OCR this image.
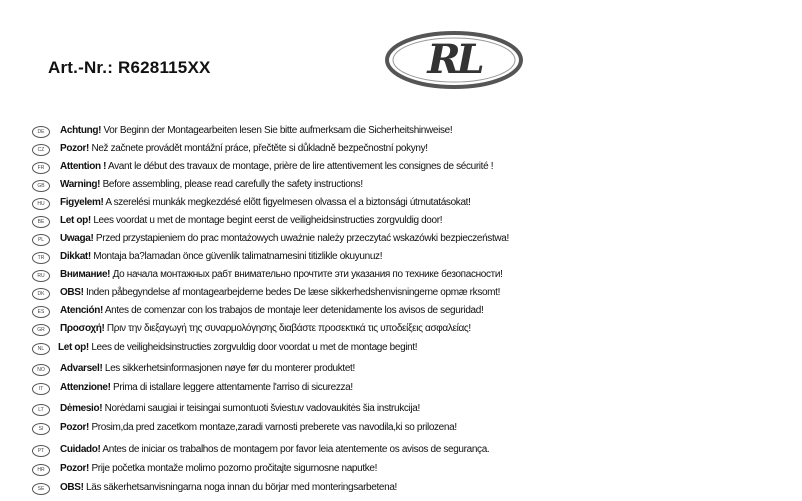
Art.-Nr.: R628115XX	RL
DE	Achtung! Vor Beginn der Montagearbeiten lesen Sie bitte aufmerksam die Sicherheitshinweise!
CZ	Pozor! Než začnete provádět montážní práce, přečtěte si důkladně bezpečnostní pokyny!
FR	Attention ! Avant le début des travaux de montage, prière de lire attentivement les consignes de sécurité !
GB	Warning! Before assembling, please read carefully the safety instructions!
HU	Figyelem! A szerelési munkák megkezdésé elõtt figyelmesen olvassa el a biztonsági útmutatásokat!
BE	Let op! Lees voordat u met de montage begint eerst de veiligheidsinstructies zorgvuldig door!
PL	Uwaga! Przed przystapieniem do prac montażowych uważnie należy przeczytać wskazówki bezpieczeństwa!
TR	Dikkat! Montaja ba?lamadan önce güvenlik talimatnamesini titizlikle okuyunuz!
RU	Внимание! До начала монтажных рабт внимательно прочтите эти указания по технике безопасности!
DK	OBS! Inden påbegyndelse af montagearbejderne bedes De læse sikkerhedshenvisningerne opmæ rksomt!
ES	Atención! Antes de comenzar con los trabajos de montaje leer detenidamente los avisos de seguridad!
GR	Προσοχή! Πριν την διεξαγωγή της συναρμολόγησης διαβάστε προσεκτικά τις υποδείξεις ασφαλείας!
NL	Let op! Lees de veiligheidsinstructies zorgvuldig door voordat u met de montage begint!
NO	Advarsel! Les sikkerhetsinformasjonen nøye før du monterer produktet!
IT	Attenzione! Prima di istallare leggere attentamente l'arriso di sicurezza!
LT	Dėmesio! Norėdami saugiai ir teisingai sumontuoti šviestuv vadovaukitės šia instrukcija!
SI	Pozor! Prosim,da pred zacetkom montaze,zaradi varnosti preberete vas navodila,ki so prilozena!
PT	Cuidado! Antes de iniciar os trabalhos de montagem por favor leia atentemente os avisos de segurança.
HR	Pozor! Prije početka montaže molimo pozorno pročitajte sigurnosne naputke!
SE	OBS! Läs säkerhetsanvisningarna noga innan du börjar med monteringsarbetena!
